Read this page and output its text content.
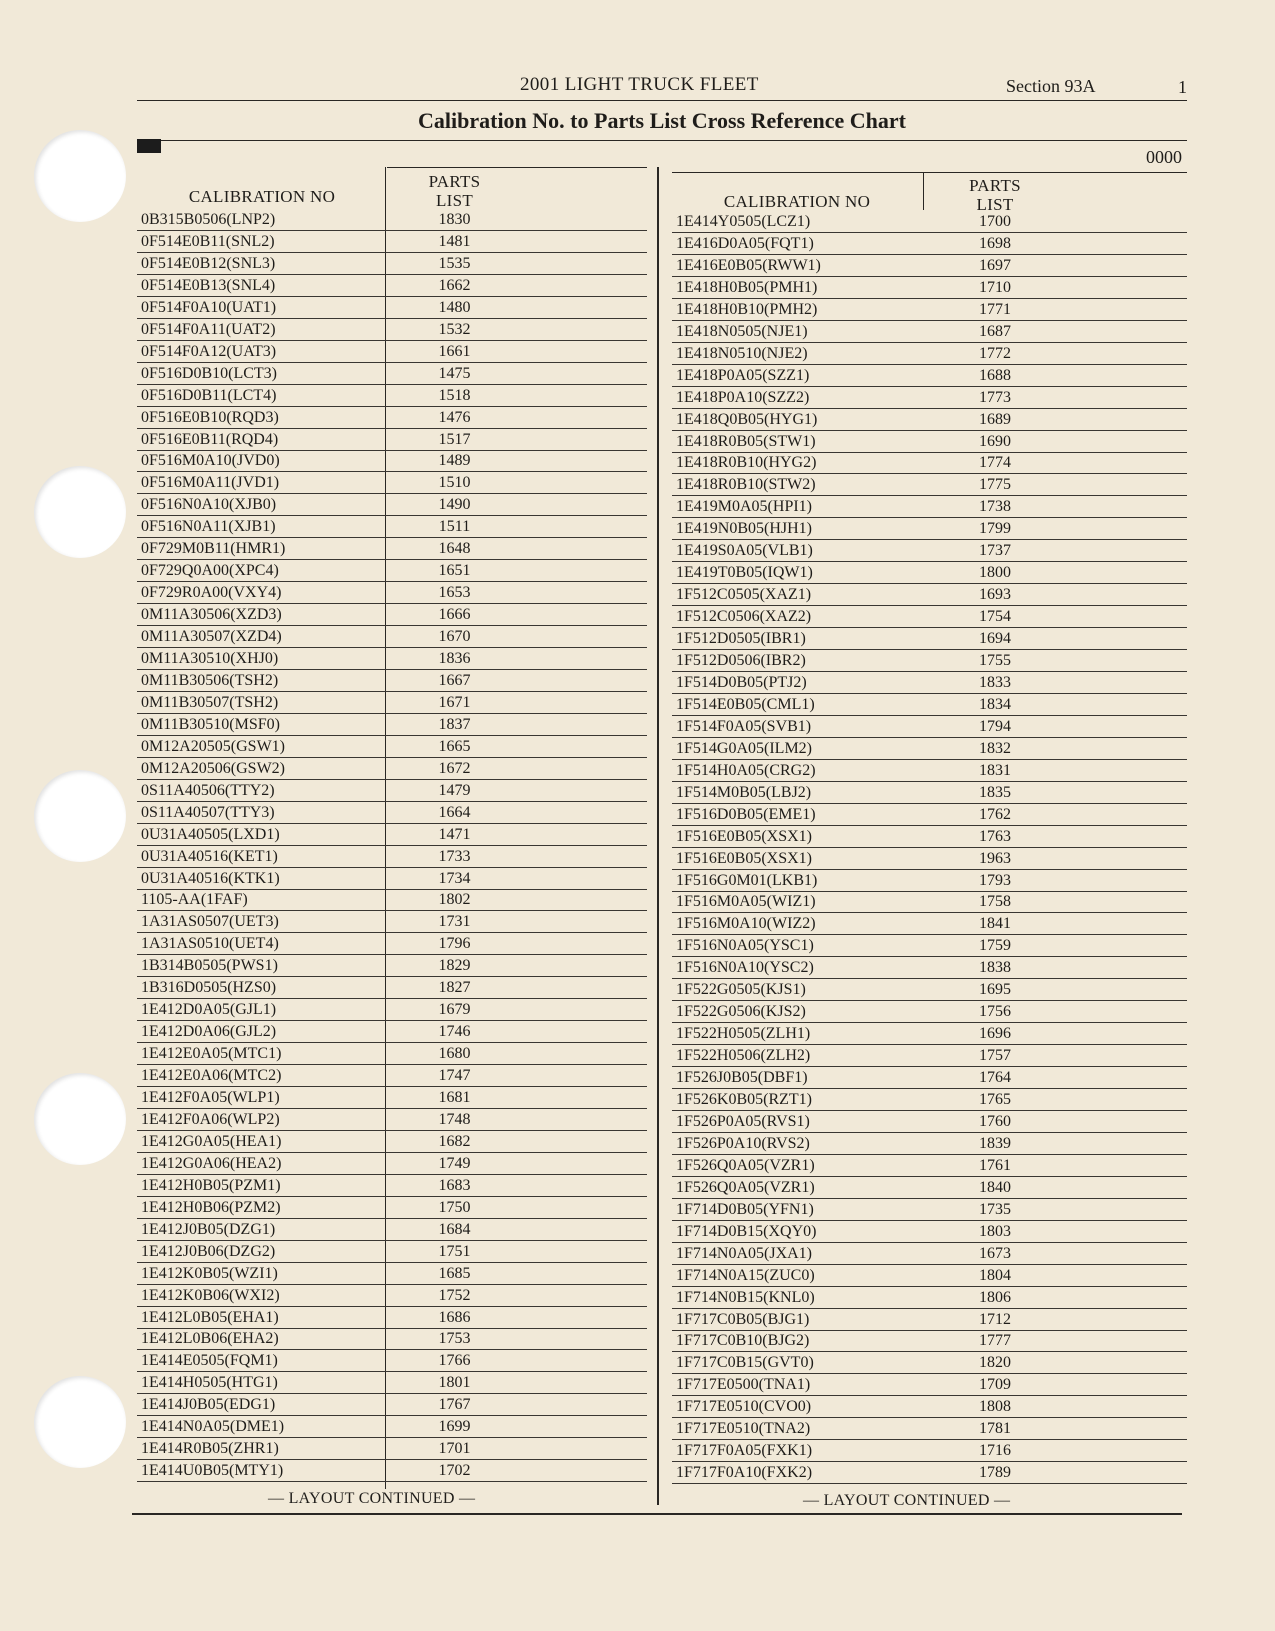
2001 LIGHT TRUCK FLEET	Section 93A	1
Calibration No. to Parts List Cross Reference Chart
0000
CALIBRATION NO
PARTS
LIST
0B315B0506(LNP2)	1830
0F514E0B11(SNL2)	1481
0F514E0B12(SNL3)	1535
0F514E0B13(SNL4)	1662
0F514F0A10(UAT1)	1480
0F514F0A11(UAT2)	1532
0F514F0A12(UAT3)	1661
0F516D0B10(LCT3)	1475
0F516D0B11(LCT4)	1518
0F516E0B10(RQD3)	1476
0F516E0B11(RQD4)	1517
0F516M0A10(JVD0)	1489
0F516M0A11(JVD1)	1510
0F516N0A10(XJB0)	1490
0F516N0A11(XJB1)	1511
0F729M0B11(HMR1)	1648
0F729Q0A00(XPC4)	1651
0F729R0A00(VXY4)	1653
0M11A30506(XZD3)	1666
0M11A30507(XZD4)	1670
0M11A30510(XHJ0)	1836
0M11B30506(TSH2)	1667
0M11B30507(TSH2)	1671
0M11B30510(MSF0)	1837
0M12A20505(GSW1)	1665
0M12A20506(GSW2)	1672
0S11A40506(TTY2)	1479
0S11A40507(TTY3)	1664
0U31A40505(LXD1)	1471
0U31A40516(KET1)	1733
0U31A40516(KTK1)	1734
1105-AA(1FAF)	1802
1A31AS0507(UET3)	1731
1A31AS0510(UET4)	1796
1B314B0505(PWS1)	1829
1B316D0505(HZS0)	1827
1E412D0A05(GJL1)	1679
1E412D0A06(GJL2)	1746
1E412E0A05(MTC1)	1680
1E412E0A06(MTC2)	1747
1E412F0A05(WLP1)	1681
1E412F0A06(WLP2)	1748
1E412G0A05(HEA1)	1682
1E412G0A06(HEA2)	1749
1E412H0B05(PZM1)	1683
1E412H0B06(PZM2)	1750
1E412J0B05(DZG1)	1684
1E412J0B06(DZG2)	1751
1E412K0B05(WZI1)	1685
1E412K0B06(WXI2)	1752
1E412L0B05(EHA1)	1686
1E412L0B06(EHA2)	1753
1E414E0505(FQM1)	1766
1E414H0505(HTG1)	1801
1E414J0B05(EDG1)	1767
1E414N0A05(DME1)	1699
1E414R0B05(ZHR1)	1701
1E414U0B05(MTY1)	1702
— LAYOUT CONTINUED —
CALIBRATION NO
PARTS
LIST
1E414Y0505(LCZ1)	1700
1E416D0A05(FQT1)	1698
1E416E0B05(RWW1)	1697
1E418H0B05(PMH1)	1710
1E418H0B10(PMH2)	1771
1E418N0505(NJE1)	1687
1E418N0510(NJE2)	1772
1E418P0A05(SZZ1)	1688
1E418P0A10(SZZ2)	1773
1E418Q0B05(HYG1)	1689
1E418R0B05(STW1)	1690
1E418R0B10(HYG2)	1774
1E418R0B10(STW2)	1775
1E419M0A05(HPI1)	1738
1E419N0B05(HJH1)	1799
1E419S0A05(VLB1)	1737
1E419T0B05(IQW1)	1800
1F512C0505(XAZ1)	1693
1F512C0506(XAZ2)	1754
1F512D0505(IBR1)	1694
1F512D0506(IBR2)	1755
1F514D0B05(PTJ2)	1833
1F514E0B05(CML1)	1834
1F514F0A05(SVB1)	1794
1F514G0A05(ILM2)	1832
1F514H0A05(CRG2)	1831
1F514M0B05(LBJ2)	1835
1F516D0B05(EME1)	1762
1F516E0B05(XSX1)	1763
1F516E0B05(XSX1)	1963
1F516G0M01(LKB1)	1793
1F516M0A05(WIZ1)	1758
1F516M0A10(WIZ2)	1841
1F516N0A05(YSC1)	1759
1F516N0A10(YSC2)	1838
1F522G0505(KJS1)	1695
1F522G0506(KJS2)	1756
1F522H0505(ZLH1)	1696
1F522H0506(ZLH2)	1757
1F526J0B05(DBF1)	1764
1F526K0B05(RZT1)	1765
1F526P0A05(RVS1)	1760
1F526P0A10(RVS2)	1839
1F526Q0A05(VZR1)	1761
1F526Q0A05(VZR1)	1840
1F714D0B05(YFN1)	1735
1F714D0B15(XQY0)	1803
1F714N0A05(JXA1)	1673
1F714N0A15(ZUC0)	1804
1F714N0B15(KNL0)	1806
1F717C0B05(BJG1)	1712
1F717C0B10(BJG2)	1777
1F717C0B15(GVT0)	1820
1F717E0500(TNA1)	1709
1F717E0510(CVO0)	1808
1F717E0510(TNA2)	1781
1F717F0A05(FXK1)	1716
1F717F0A10(FXK2)	1789
— LAYOUT CONTINUED —
